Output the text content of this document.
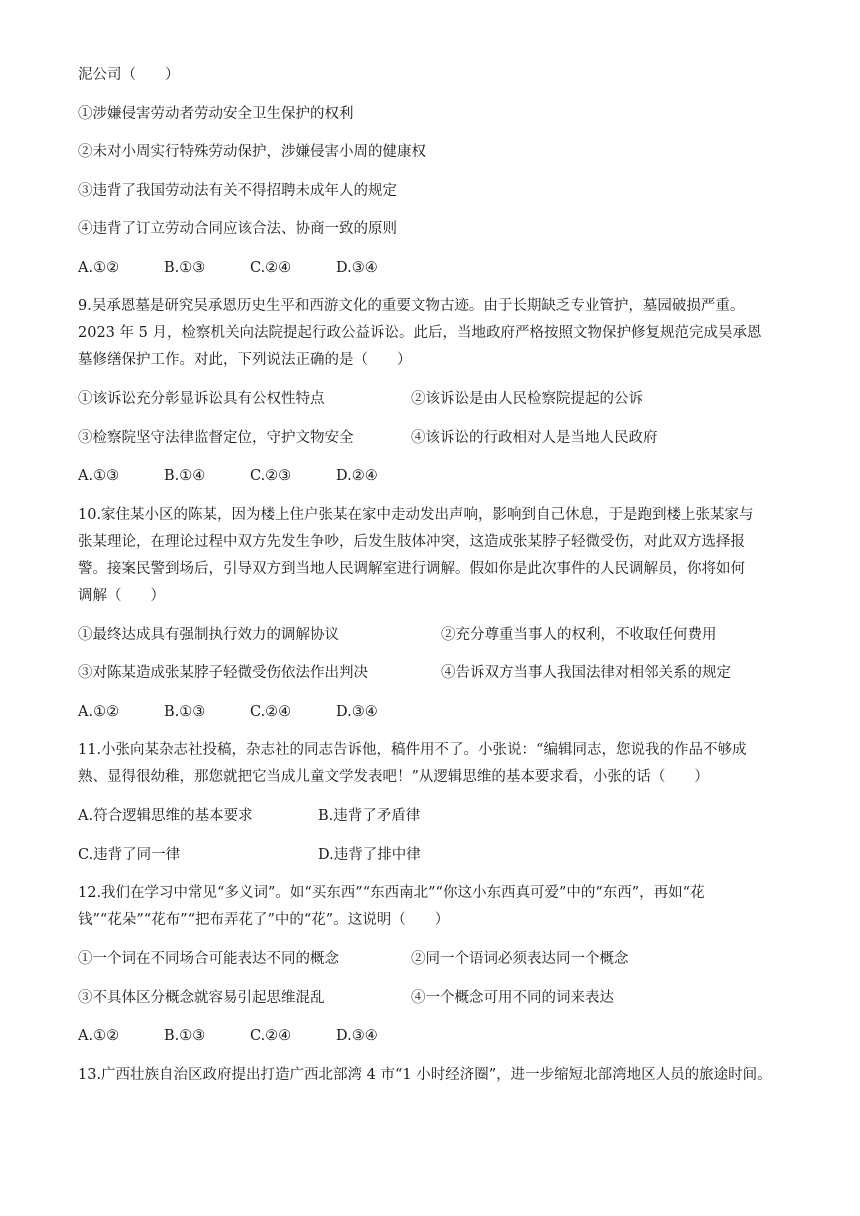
泥公司（　　）
①涉嫌侵害劳动者劳动安全卫生保护的权利
②未对小周实行特殊劳动保护，涉嫌侵害小周的健康权
③违背了我国劳动法有关不得招聘未成年人的规定
④违背了订立劳动合同应该合法、协商一致的原则
A.①②	B.①③	C.②④	D.③④
9.吴承恩墓是研究吴承恩历史生平和西游文化的重要文物古迹。由于长期缺乏专业管护，墓园破损严重。
2023 年 5 月，检察机关向法院提起行政公益诉讼。此后，当地政府严格按照文物保护修复规范完成吴承恩
墓修缮保护工作。对此，下列说法正确的是（　　）
①该诉讼充分彰显诉讼具有公权性特点	②该诉讼是由人民检察院提起的公诉
③检察院坚守法律监督定位，守护文物安全	④该诉讼的行政相对人是当地人民政府
A.①③	B.①④	C.②③	D.②④
10.家住某小区的陈某，因为楼上住户张某在家中走动发出声响，影响到自己休息，于是跑到楼上张某家与
张某理论，在理论过程中双方先发生争吵，后发生肢体冲突，这造成张某脖子轻微受伤，对此双方选择报
警。接案民警到场后，引导双方到当地人民调解室进行调解。假如你是此次事件的人民调解员，你将如何
调解（　　）
①最终达成具有强制执行效力的调解协议	②充分尊重当事人的权利，不收取任何费用
③对陈某造成张某脖子轻微受伤依法作出判决	④告诉双方当事人我国法律对相邻关系的规定
A.①②	B.①③	C.②④	D.③④
11.小张向某杂志社投稿，杂志社的同志告诉他，稿件用不了。小张说：“编辑同志，您说我的作品不够成
熟、显得很幼稚，那您就把它当成儿童文学发表吧！”从逻辑思维的基本要求看，小张的话（　　）
A.符合逻辑思维的基本要求	B.违背了矛盾律
C.违背了同一律	D.违背了排中律
12.我们在学习中常见“多义词”。如“买东西”“东西南北”“你这小东西真可爱”中的“东西”，再如“花
钱”“花朵”“花布”“把布弄花了”中的“花”。这说明（　　）
①一个词在不同场合可能表达不同的概念	②同一个语词必须表达同一个概念
③不具体区分概念就容易引起思维混乱	④一个概念可用不同的词来表达
A.①②	B.①③	C.②④	D.③④
13.广西壮族自治区政府提出打造广西北部湾 4 市“1 小时经济圈”，进一步缩短北部湾地区人员的旅途时间。
